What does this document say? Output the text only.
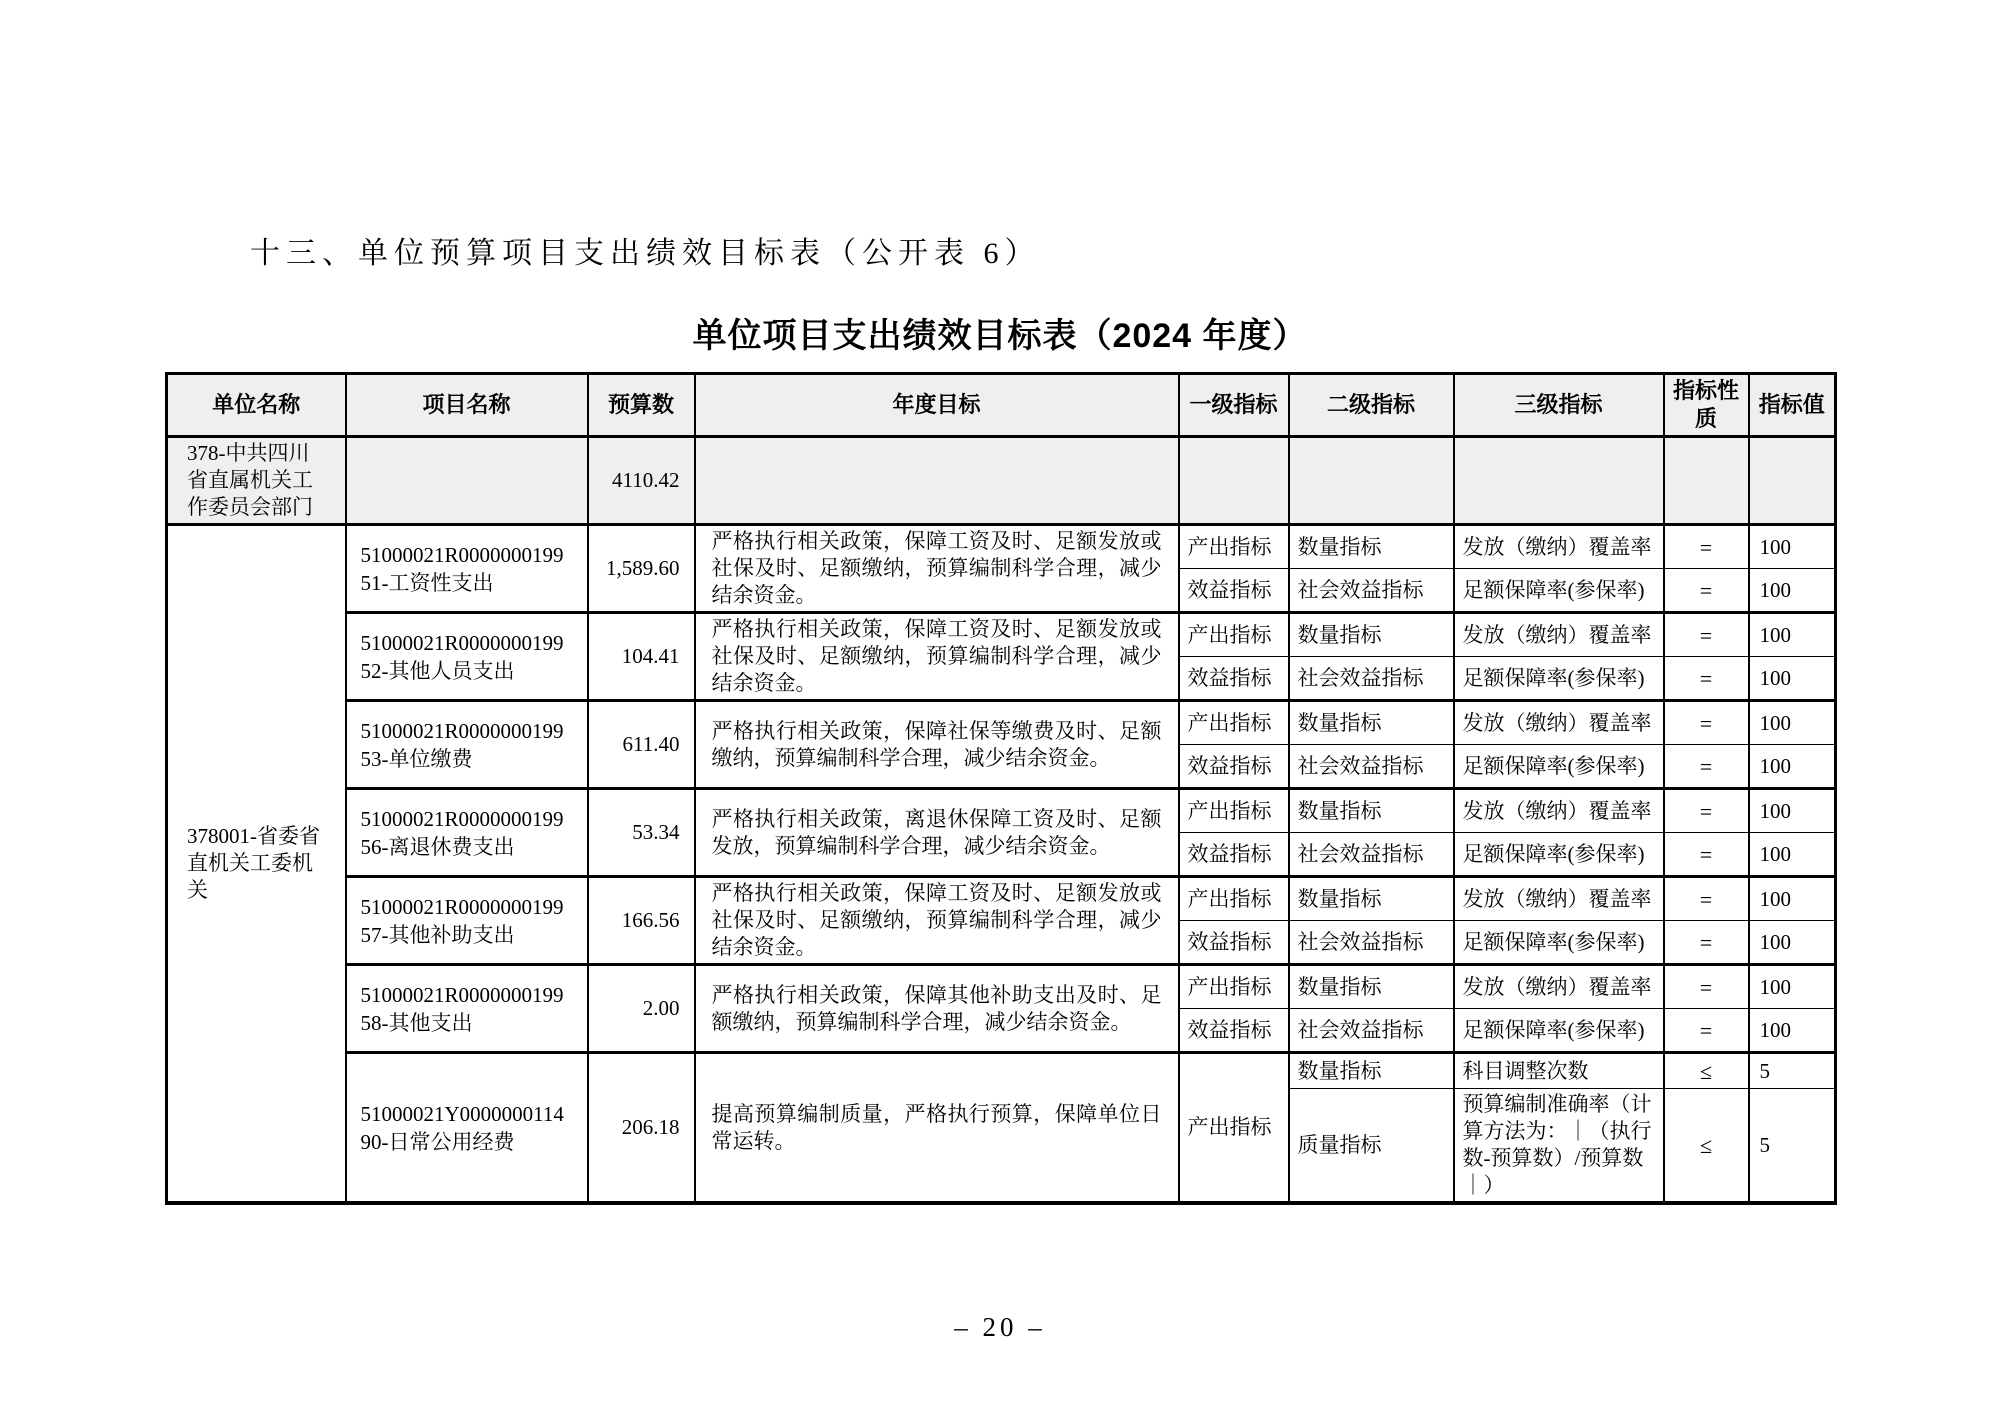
十三、单位预算项目支出绩效目标表（公开表 6）
单位项目支出绩效目标表（2024 年度）
单位名称	项目名称	预算数	年度目标	一级指标	二级指标	三级指标	指标性质	指标值
378-中共四川省直属机关工作委员会部门		4110.42						
378001-省委省直机关工委机关	51000021R000000019951-工资性支出	1,589.60	严格执行相关政策，保障工资及时、足额发放或社保及时、足额缴纳，预算编制科学合理，减少结余资金。	产出指标	数量指标	发放（缴纳）覆盖率	=	100
				效益指标	社会效益指标	足额保障率(参保率)	=	100
	51000021R000000019952-其他人员支出	104.41	严格执行相关政策，保障工资及时、足额发放或社保及时、足额缴纳，预算编制科学合理，减少结余资金。	产出指标	数量指标	发放（缴纳）覆盖率	=	100
				效益指标	社会效益指标	足额保障率(参保率)	=	100
	51000021R000000019953-单位缴费	611.40	严格执行相关政策，保障社保等缴费及时、足额缴纳，预算编制科学合理，减少结余资金。	产出指标	数量指标	发放（缴纳）覆盖率	=	100
				效益指标	社会效益指标	足额保障率(参保率)	=	100
	51000021R000000019956-离退休费支出	53.34	严格执行相关政策，离退休保障工资及时、足额发放，预算编制科学合理，减少结余资金。	产出指标	数量指标	发放（缴纳）覆盖率	=	100
				效益指标	社会效益指标	足额保障率(参保率)	=	100
	51000021R000000019957-其他补助支出	166.56	严格执行相关政策，保障工资及时、足额发放或社保及时、足额缴纳，预算编制科学合理，减少结余资金。	产出指标	数量指标	发放（缴纳）覆盖率	=	100
				效益指标	社会效益指标	足额保障率(参保率)	=	100
	51000021R000000019958-其他支出	2.00	严格执行相关政策，保障其他补助支出及时、足额缴纳，预算编制科学合理，减少结余资金。	产出指标	数量指标	发放（缴纳）覆盖率	=	100
				效益指标	社会效益指标	足额保障率(参保率)	=	100
	51000021Y000000011490-日常公用经费	206.18	提高预算编制质量，严格执行预算，保障单位日常运转。	产出指标	数量指标	科目调整次数	≤	5
					质量指标	预算编制准确率（计算方法为：｜（执行数-预算数）/预算数｜）	≤	5
– 20 –
